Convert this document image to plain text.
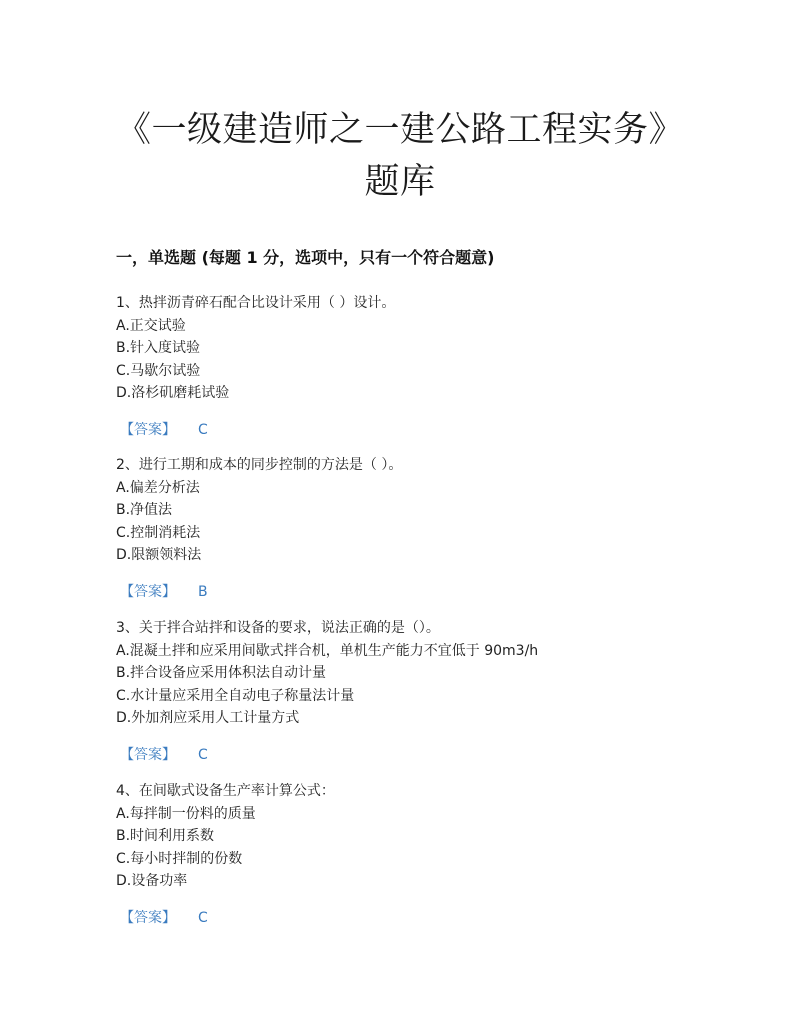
《一级建造师之一建公路工程实务》
题库
一，单选题 (每题 1 分，选项中，只有一个符合题意)
1、热拌沥青碎石配合比设计采用（ ）设计。
A.正交试验
B.针入度试验
C.马歇尔试验
D.洛杉矶磨耗试验
【答案】 C
2、进行工期和成本的同步控制的方法是（ ）。
A.偏差分析法
B.净值法
C.控制消耗法
D.限额领料法
【答案】 B
3、关于拌合站拌和设备的要求，说法正确的是（）。
A.混凝土拌和应采用间歇式拌合机，单机生产能力不宜低于 90m3/h
B.拌合设备应采用体积法自动计量
C.水计量应采用全自动电子称量法计量
D.外加剂应采用人工计量方式
【答案】 C
4、在间歇式设备生产率计算公式：
A.每拌制一份料的质量
B.时间利用系数
C.每小时拌制的份数
D.设备功率
【答案】 C
